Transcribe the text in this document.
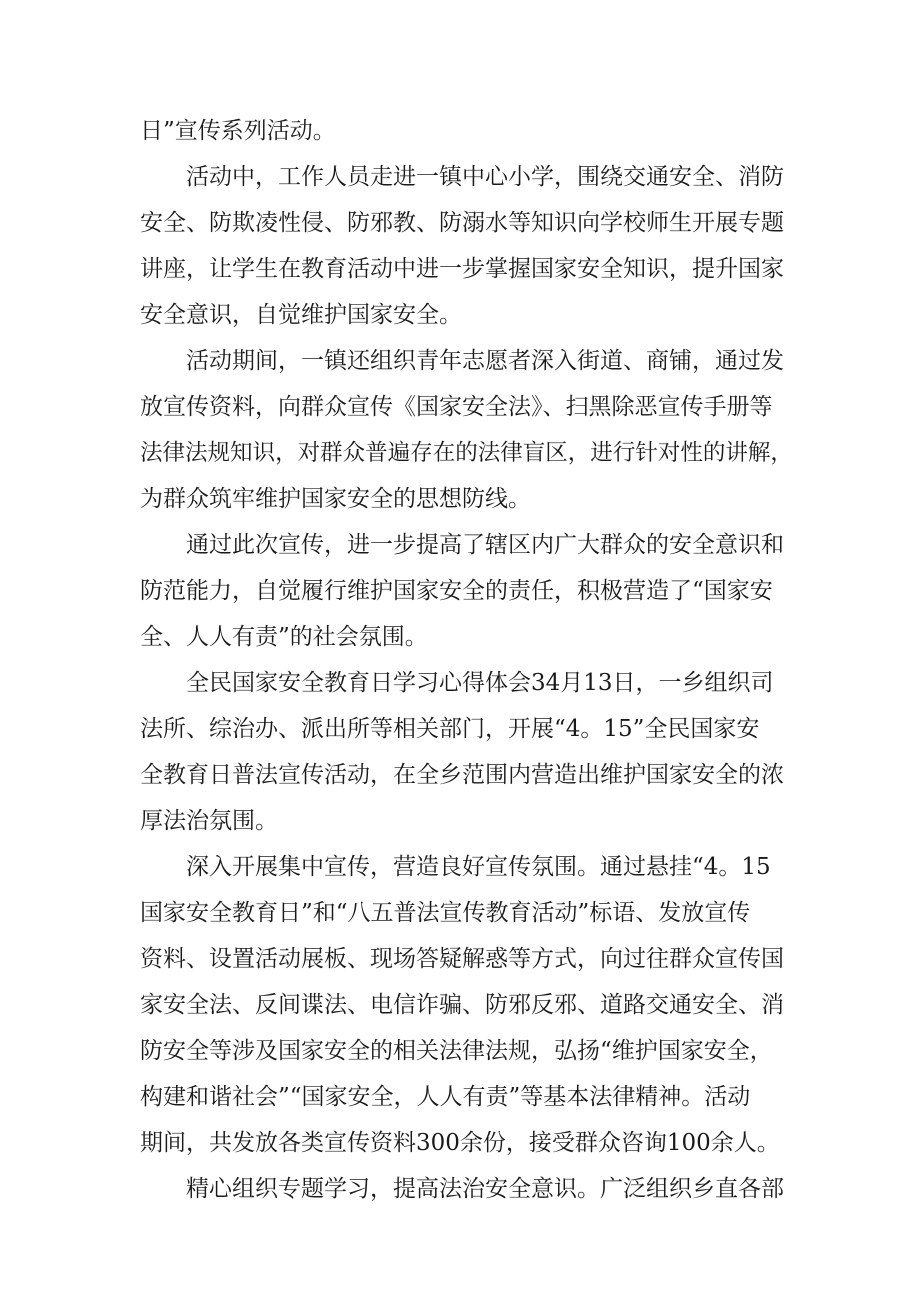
日”宣传系列活动。
活动中，工作人员走进一镇中心小学，围绕交通安全、消防
安全、防欺凌性侵、防邪教、防溺水等知识向学校师生开展专题
讲座，让学生在教育活动中进一步掌握国家安全知识，提升国家
安全意识，自觉维护国家安全。
活动期间，一镇还组织青年志愿者深入街道、商铺，通过发
放宣传资料，向群众宣传《国家安全法》、扫黑除恶宣传手册等
法律法规知识，对群众普遍存在的法律盲区，进行针对性的讲解，
为群众筑牢维护国家安全的思想防线。
通过此次宣传，进一步提高了辖区内广大群众的安全意识和
防范能力，自觉履行维护国家安全的责任，积极营造了“国家安
全、人人有责”的社会氛围。
全民国家安全教育日学习心得体会34月13日，一乡组织司
法所、综治办、派出所等相关部门，开展“4。15”全民国家安
全教育日普法宣传活动，在全乡范围内营造出维护国家安全的浓
厚法治氛围。
深入开展集中宣传，营造良好宣传氛围。通过悬挂“4。15
国家安全教育日”和“八五普法宣传教育活动”标语、发放宣传
资料、设置活动展板、现场答疑解惑等方式，向过往群众宣传国
家安全法、反间谍法、电信诈骗、防邪反邪、道路交通安全、消
防安全等涉及国家安全的相关法律法规，弘扬“维护国家安全，
构建和谐社会”“国家安全，人人有责”等基本法律精神。活动
期间，共发放各类宣传资料300余份，接受群众咨询100余人。
精心组织专题学习，提高法治安全意识。广泛组织乡直各部
